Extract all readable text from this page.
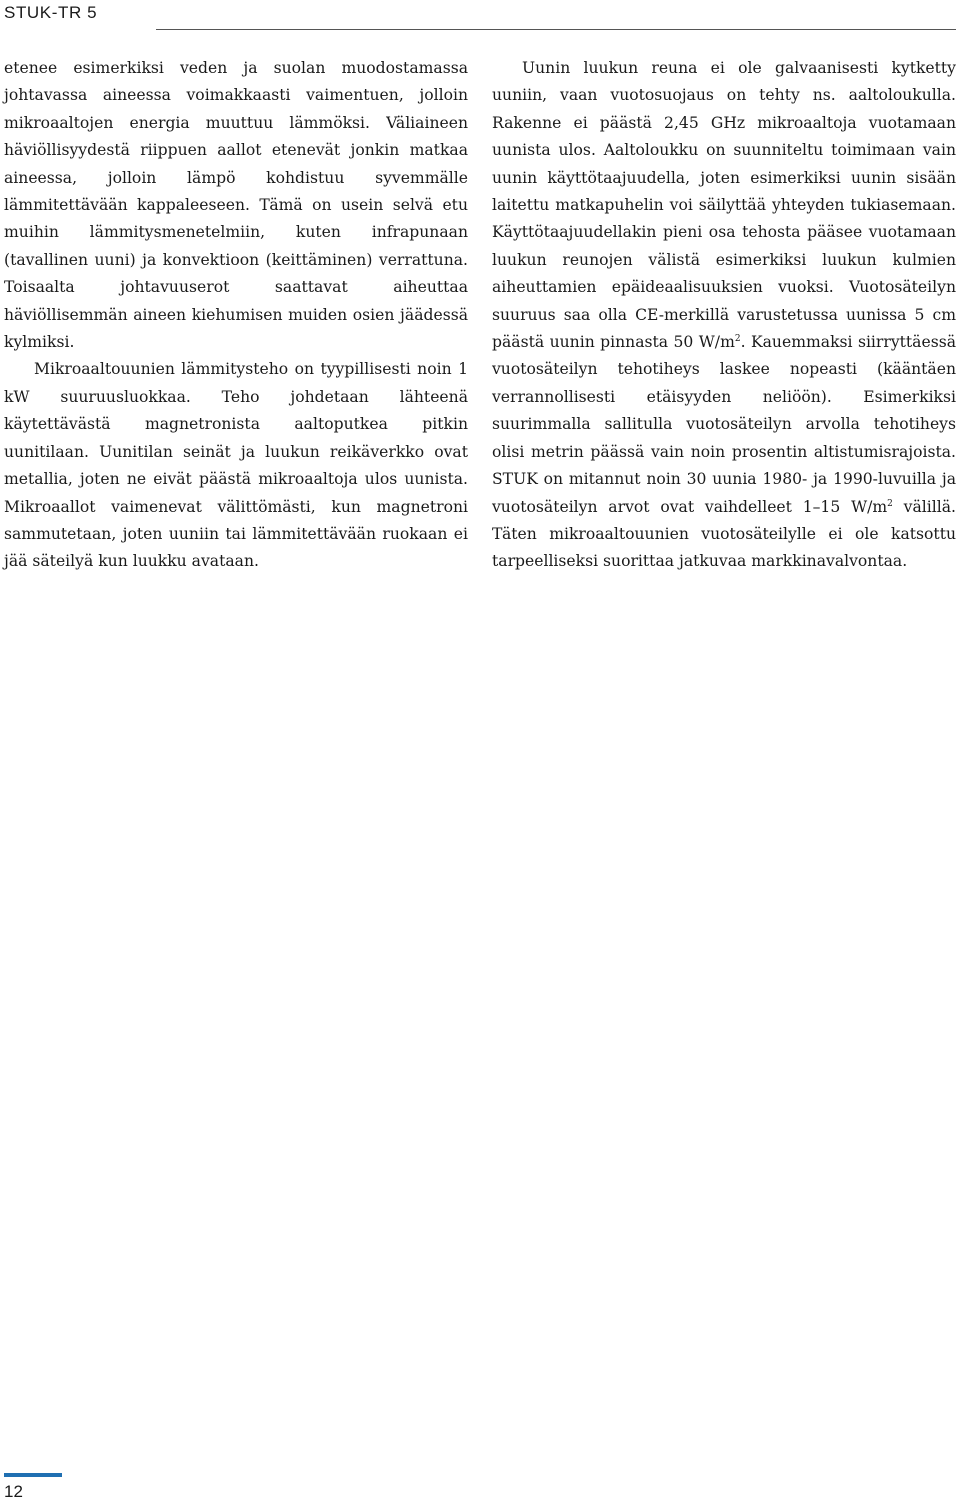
STUK-TR 5

etenee esimerkiksi veden ja suolan muodostamassa johtavassa aineessa voimakkaasti vaimentuen, jolloin mikroaaltojen energia muuttuu lämmöksi. Väliaineen häviöllisyydestä riippuen aallot etenevät jonkin matkaa aineessa, jolloin lämpö kohdistuu syvemmälle lämmitettävään kappaleeseen. Tämä on usein selvä etu muihin lämmitysmenetelmiin, kuten infrapunaan (tavallinen uuni) ja konvektioon (keittäminen) verrattuna. Toisaalta johtavuuserot saattavat aiheuttaa häviöllisemmän aineen kiehumisen muiden osien jäädessä kylmiksi.

Mikroaaltouunien lämmitysteho on tyypillisesti noin 1 kW suuruusluokkaa. Teho johdetaan lähteenä käytettävästä magnetronista aaltoputkea pitkin uunitilaan. Uunitilan seinät ja luukun reikäverkko ovat metallia, joten ne eivät päästä mikroaaltoja ulos uunista. Mikroaallot vaimenevat välittömästi, kun magnetroni sammutetaan, joten uuniin tai lämmitettävään ruokaan ei jää säteilyä kun luukku avataan.

Uunin luukun reuna ei ole galvaanisesti kytketty uuniin, vaan vuotosuojaus on tehty ns. aaltoloukulla. Rakenne ei päästä 2,45 GHz mikroaaltoja vuotamaan uunista ulos. Aaltoloukku on suunniteltu toimimaan vain uunin käyttötaajuudella, joten esimerkiksi uunin sisään laitettu matkapuhelin voi säilyttää yhteyden tukiasemaan. Käyttötaajuudellakin pieni osa tehosta pääsee vuotamaan luukun reunojen välistä esimerkiksi luukun kulmien aiheuttamien epäideaalisuuksien vuoksi. Vuotosäteilyn suuruus saa olla CE-merkillä varustetussa uunissa 5 cm päästä uunin pinnasta 50 $W/m^2$. Kauemmaksi siirryttäessä vuotosäteilyn tehotiheys laskee nopeasti (kääntäen verrannollisesti etäisyyden neliöön). Esimerkiksi suurimmalla sallitulla vuotosäteilyn arvolla tehotiheys olisi metrin päässä vain noin prosentin altistumisrajoista. STUK on mitannut noin 30 uunia 1980- ja 1990-luvuilla ja vuotosäteilyn arvot ovat vaihdelleet 1–15 $W/m^2$ välillä. Täten mikroaaltouunien vuotosäteilylle ei ole katsottu tarpeelliseksi suorittaa jatkuvaa markkinavalvontaa.

12
